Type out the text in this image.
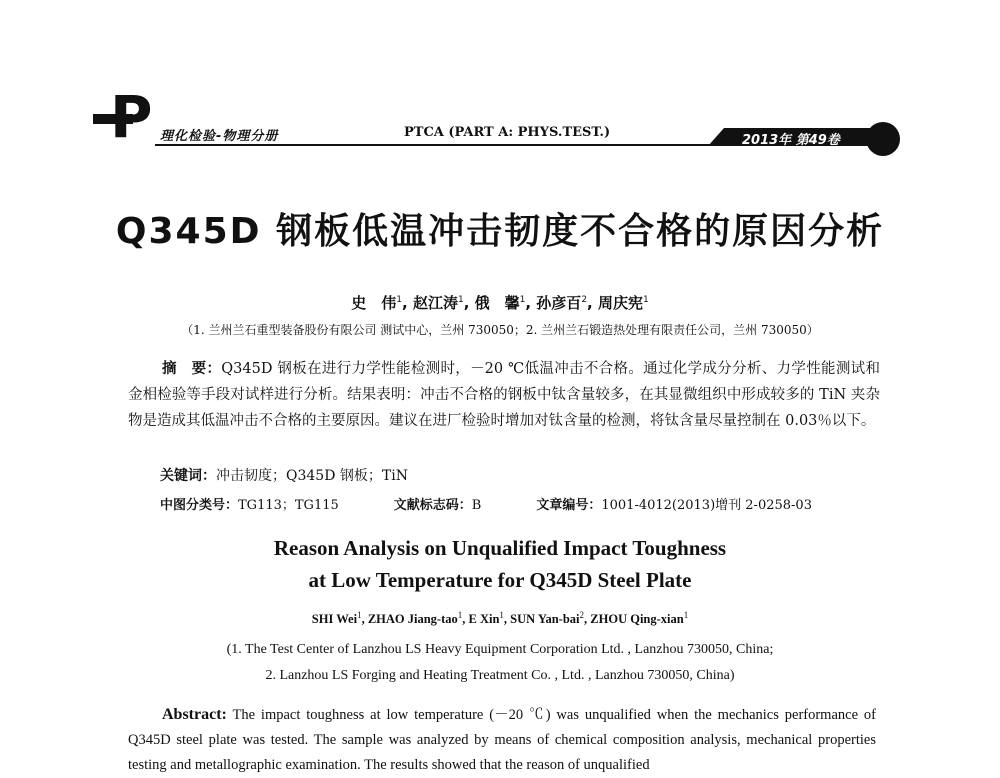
P 理化检验-物理分册	PTCA (PART A: PHYS.TEST.)
2013年 第49卷
Q345D 钢板低温冲击韧度不合格的原因分析
史　伟$^1$, 赵江涛$^1$, 俄　馨$^1$, 孙彦百$^2$, 周庆宪$^1$
（1. 兰州兰石重型装备股份有限公司 测试中心，兰州 730050；2. 兰州兰石锻造热处理有限责任公司，兰州 730050）
摘　要：Q345D 钢板在进行力学性能检测时，－20 ℃低温冲击不合格。通过化学成分分析、力学性能测试和金相检验等手段对试样进行分析。结果表明：冲击不合格的钢板中钛含量较多，在其显微组织中形成较多的 TiN 夹杂物是造成其低温冲击不合格的主要原因。建议在进厂检验时增加对钛含量的检测，将钛含量尽量控制在 0.03％以下。
关键词：冲击韧度；Q345D 钢板；TiN
中图分类号：TG113；TG115	文献标志码：B	文章编号：1001-4012(2013)增刊 2-0258-03
Reason Analysis on Unqualified Impact Toughness
at Low Temperature for Q345D Steel Plate
SHI Wei$^1$, ZHAO Jiang-tao$^1$, E Xin$^1$, SUN Yan-bai$^2$, ZHOU Qing-xian$^1$
(1. The Test Center of Lanzhou LS Heavy Equipment Corporation Ltd. , Lanzhou 730050, China;
2. Lanzhou LS Forging and Heating Treatment Co. , Ltd. , Lanzhou 730050, China)
Abstract: The impact toughness at low temperature (－20 ℃) was unqualified when the mechanics performance of Q345D steel plate was tested. The sample was analyzed by means of chemical composition analysis, mechanical properties testing and metallographic examination. The results showed that the reason of unqualified
